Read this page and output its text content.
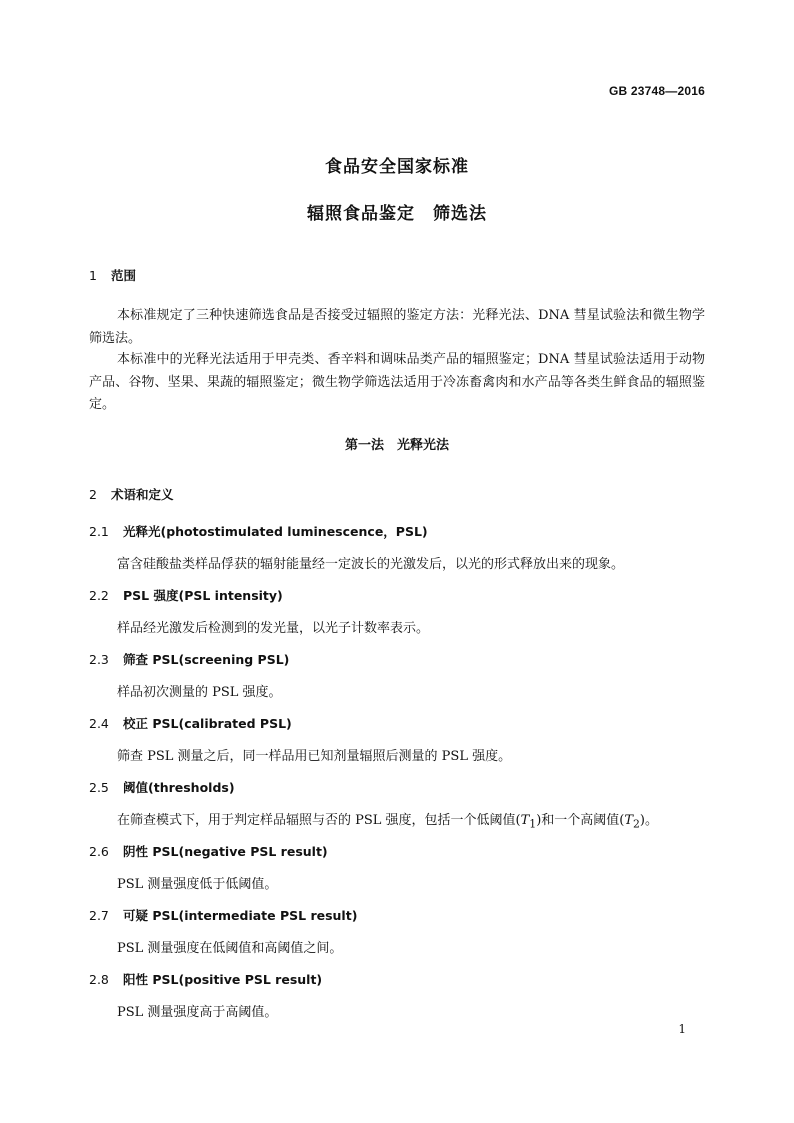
GB 23748—2016
食品安全国家标准
辐照食品鉴定　筛选法
1 范围
本标准规定了三种快速筛选食品是否接受过辐照的鉴定方法：光释光法、DNA 彗星试验法和微生物学筛选法。
本标准中的光释光法适用于甲壳类、香辛料和调味品类产品的辐照鉴定；DNA 彗星试验法适用于动物产品、谷物、坚果、果蔬的辐照鉴定；微生物学筛选法适用于冷冻畜禽肉和水产品等各类生鲜食品的辐照鉴定。
第一法　光释光法
2 术语和定义
2.1 光释光(photostimulated luminescence，PSL)
富含硅酸盐类样品俘获的辐射能量经一定波长的光激发后，以光的形式释放出来的现象。
2.2 PSL 强度(PSL intensity)
样品经光激发后检测到的发光量，以光子计数率表示。
2.3 筛查 PSL(screening PSL)
样品初次测量的 PSL 强度。
2.4 校正 PSL(calibrated PSL)
筛查 PSL 测量之后，同一样品用已知剂量辐照后测量的 PSL 强度。
2.5 阈值(thresholds)
在筛查模式下，用于判定样品辐照与否的 PSL 强度，包括一个低阈值$(T_1)$和一个高阈值$(T_2)$。
2.6 阴性 PSL(negative PSL result)
PSL 测量强度低于低阈值。
2.7 可疑 PSL(intermediate PSL result)
PSL 测量强度在低阈值和高阈值之间。
2.8 阳性 PSL(positive PSL result)
PSL 测量强度高于高阈值。
1
